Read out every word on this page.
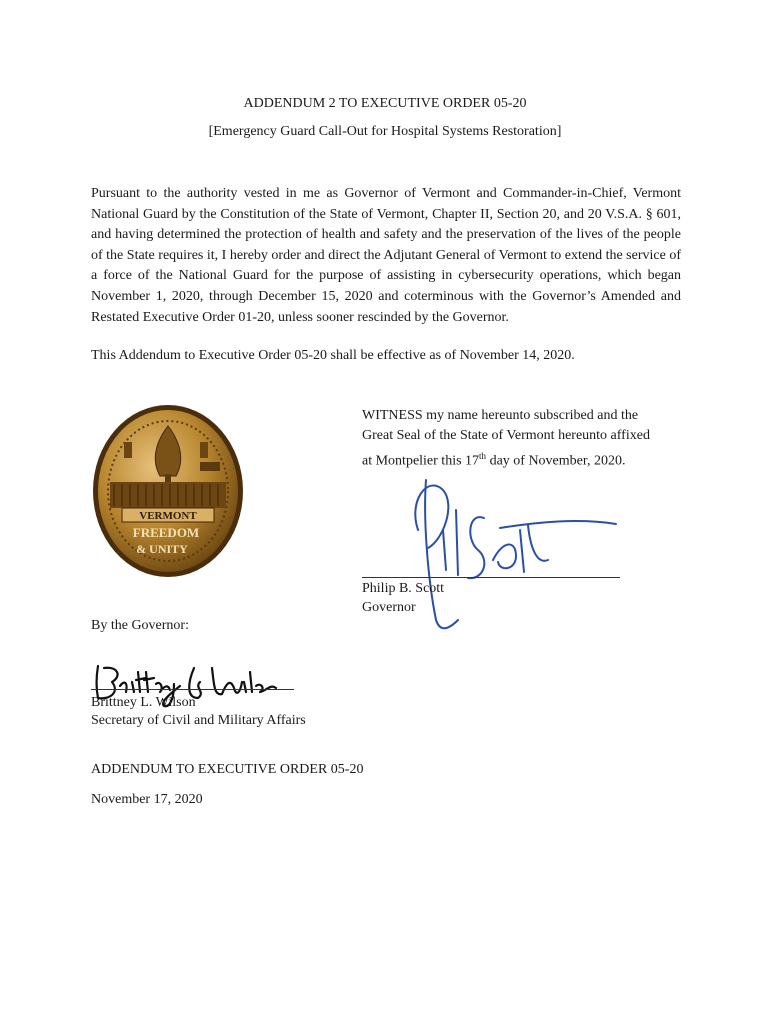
ADDENDUM 2 TO EXECUTIVE ORDER 05-20
[Emergency Guard Call-Out for Hospital Systems Restoration]

Pursuant to the authority vested in me as Governor of Vermont and Commander-in-Chief, Vermont National Guard by the Constitution of the State of Vermont, Chapter II, Section 20, and 20 V.S.A. § 601, and having determined the protection of health and safety and the preservation of the lives of the people of the State requires it, I hereby order and direct the Adjutant General of Vermont to extend the service of a force of the National Guard for the purpose of assisting in cybersecurity operations, which began November 1, 2020, through December 15, 2020 and coterminous with the Governor’s Amended and Restated Executive Order 01-20, unless sooner rescinded by the Governor.

This Addendum to Executive Order 05-20 shall be effective as of November 14, 2020.

VERMONT
FREEDOM
& UNITY

WITNESS my name hereunto subscribed and the
Great Seal of the State of Vermont hereunto affixed
at Montpelier this 17th day of November, 2020.

Philip B. Scott

Governor

By the Governor:

Brittney L. Wilson

Secretary of Civil and Military Affairs

ADDENDUM TO EXECUTIVE ORDER 05-20

November 17, 2020
